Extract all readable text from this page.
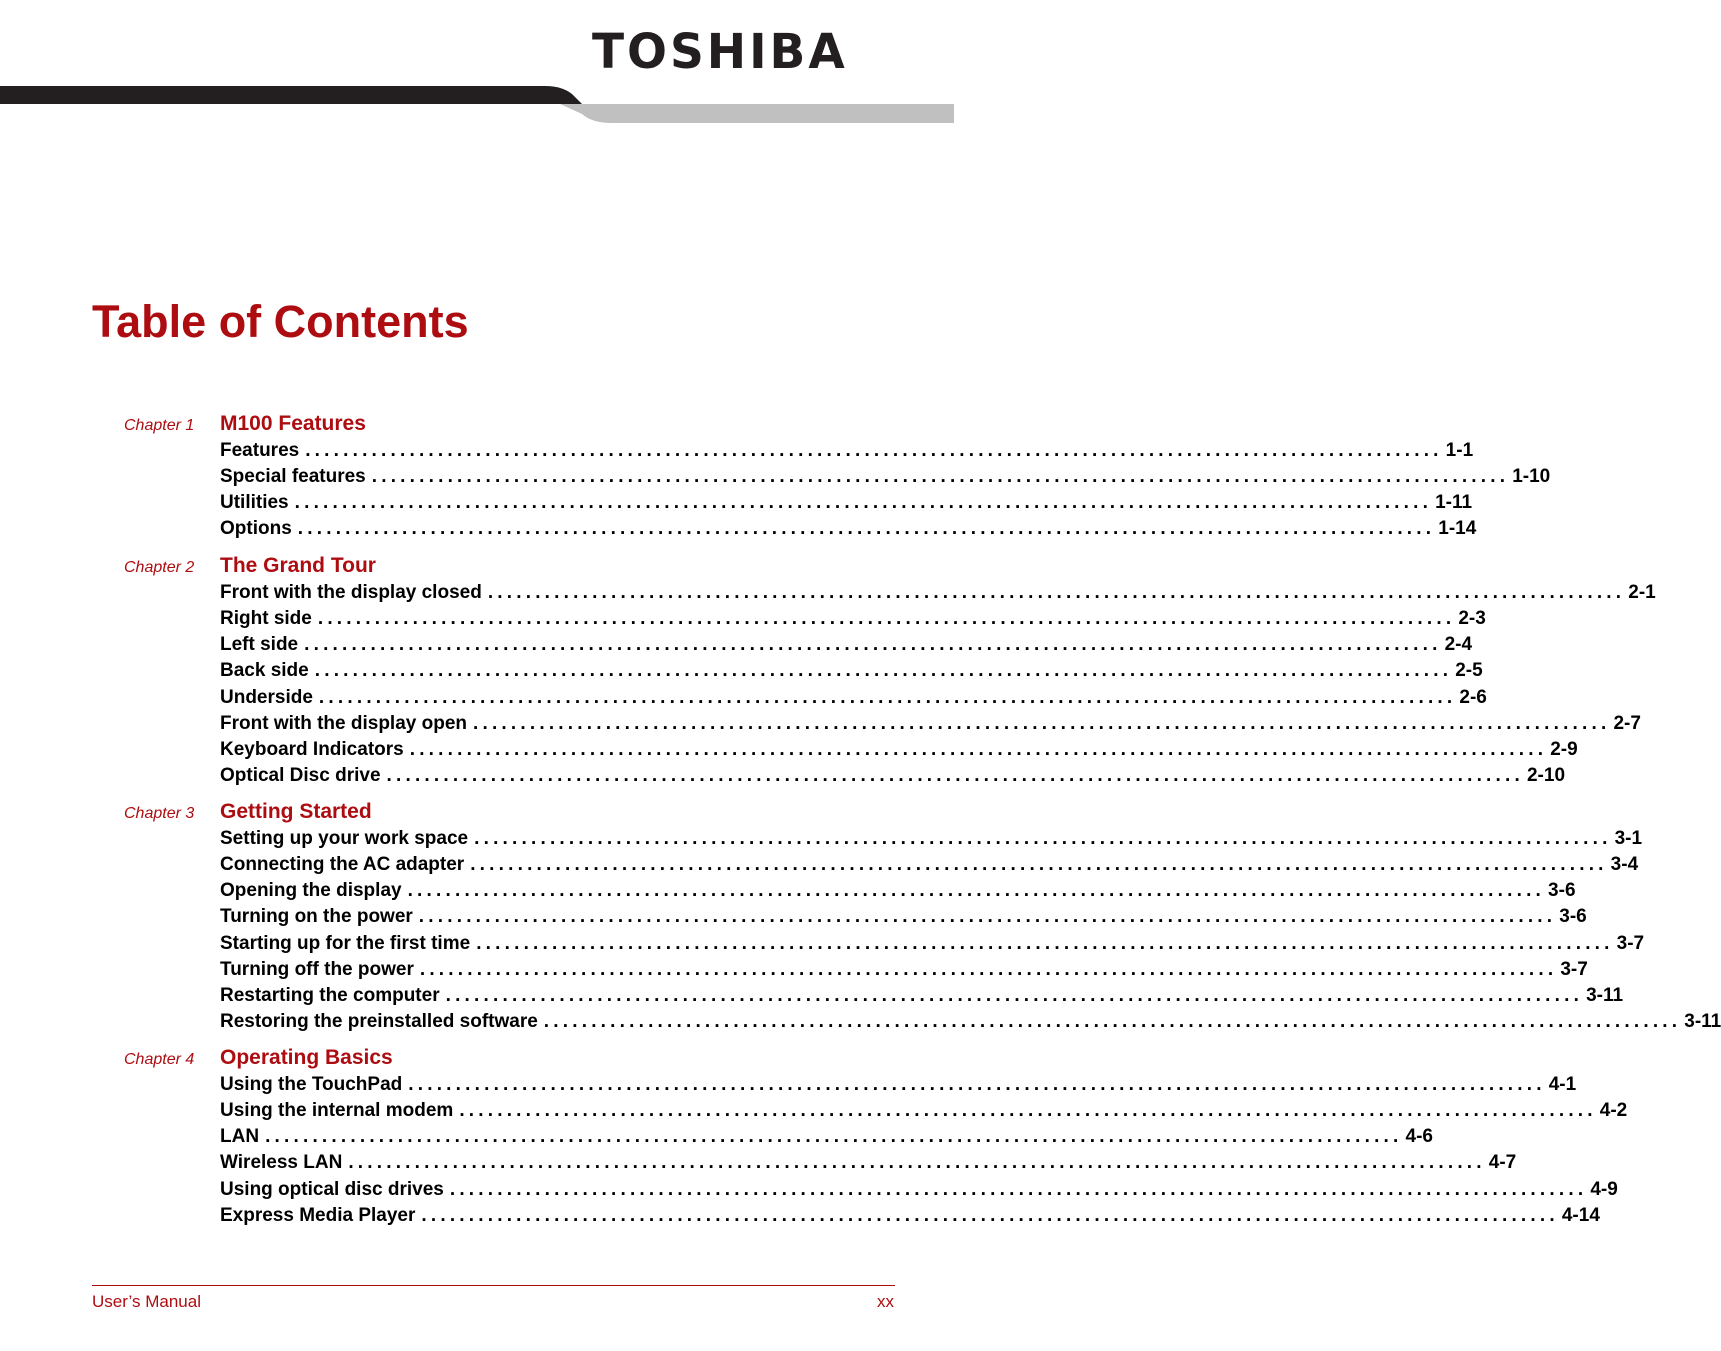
TOSHIBA
Table of Contents
Chapter 1 M100 Features
Features ........................................................................................................................ 1-1
Special features ........................................................................................................................ 1-10
Utilities ........................................................................................................................ 1-11
Options ........................................................................................................................ 1-14
Chapter 2 The Grand Tour
Front with the display closed ........................................................................................................................ 2-1
Right side ........................................................................................................................ 2-3
Left side ........................................................................................................................ 2-4
Back side ........................................................................................................................ 2-5
Underside ........................................................................................................................ 2-6
Front with the display open ........................................................................................................................ 2-7
Keyboard Indicators ........................................................................................................................ 2-9
Optical Disc drive ........................................................................................................................ 2-10
Chapter 3 Getting Started
Setting up your work space ........................................................................................................................ 3-1
Connecting the AC adapter ........................................................................................................................ 3-4
Opening the display ........................................................................................................................ 3-6
Turning on the power ........................................................................................................................ 3-6
Starting up for the first time ........................................................................................................................ 3-7
Turning off the power ........................................................................................................................ 3-7
Restarting the computer ........................................................................................................................ 3-11
Restoring the preinstalled software ........................................................................................................................ 3-11
Chapter 4 Operating Basics
Using the TouchPad ........................................................................................................................ 4-1
Using the internal modem ........................................................................................................................ 4-2
LAN ........................................................................................................................ 4-6
Wireless LAN ........................................................................................................................ 4-7
Using optical disc drives ........................................................................................................................ 4-9
Express Media Player ........................................................................................................................ 4-14
User’s Manual	xx
